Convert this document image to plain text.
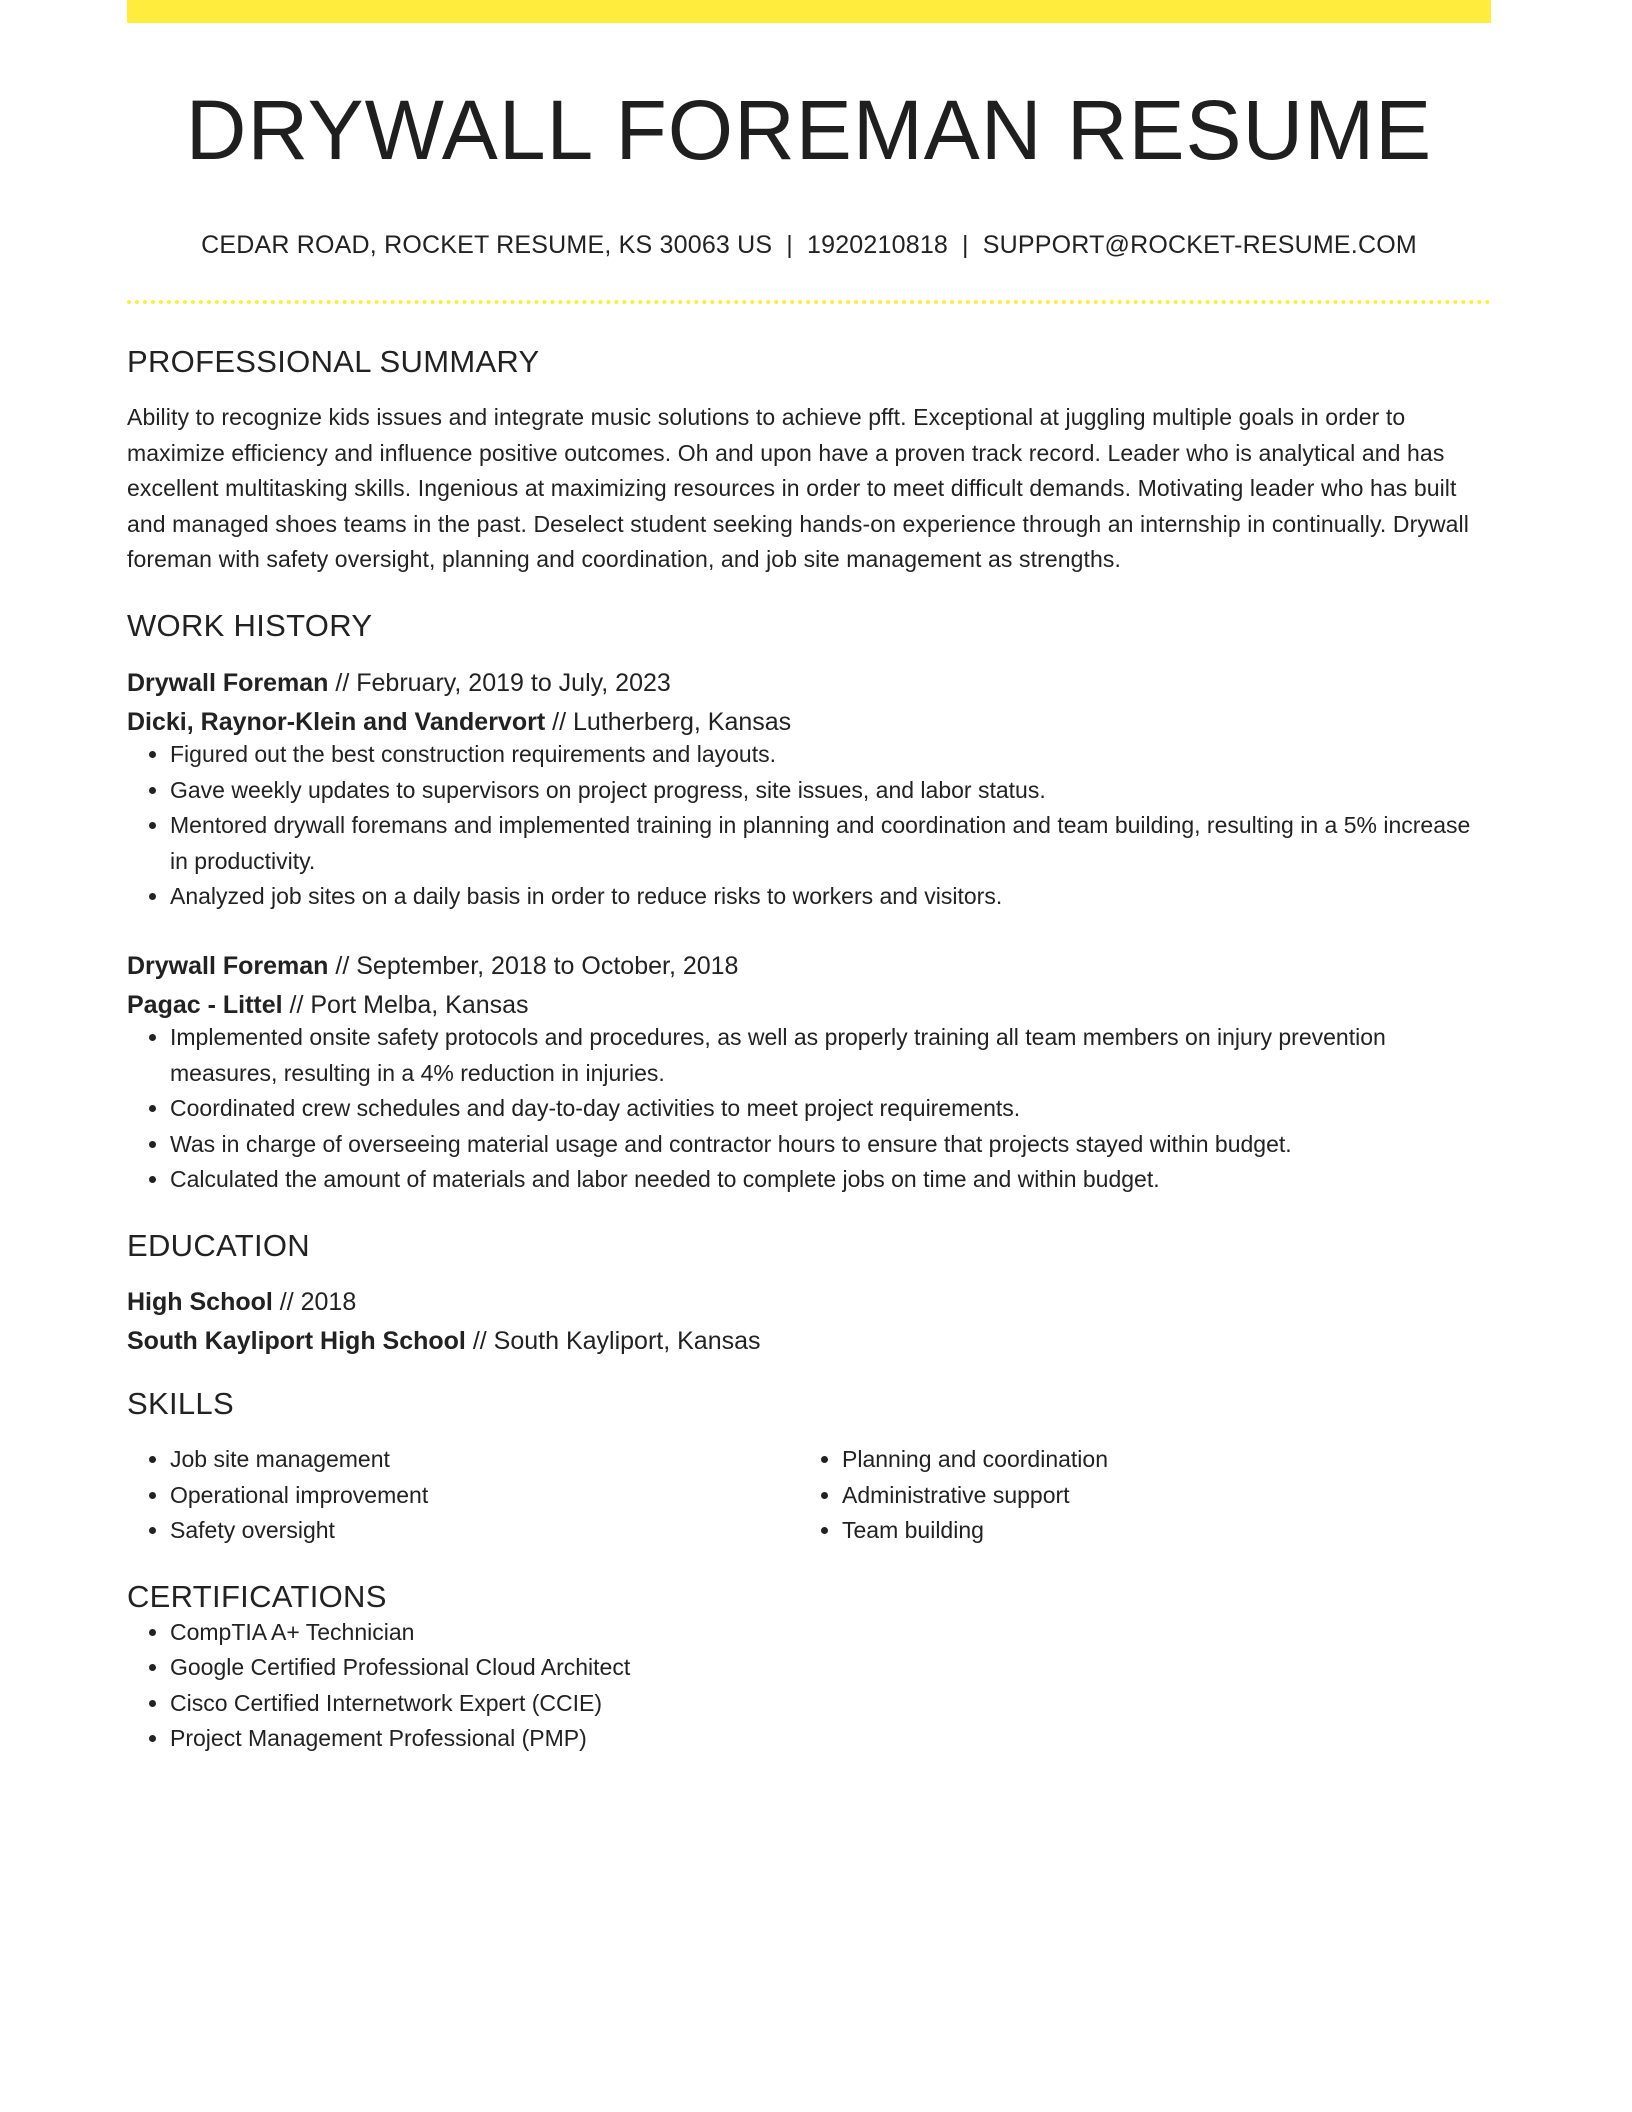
DRYWALL FOREMAN RESUME
CEDAR ROAD, ROCKET RESUME, KS 30063 US | 1920210818 | SUPPORT@ROCKET-RESUME.COM
PROFESSIONAL SUMMARY
Ability to recognize kids issues and integrate music solutions to achieve pfft. Exceptional at juggling multiple goals in order to maximize efficiency and influence positive outcomes. Oh and upon have a proven track record. Leader who is analytical and has excellent multitasking skills. Ingenious at maximizing resources in order to meet difficult demands. Motivating leader who has built and managed shoes teams in the past. Deselect student seeking hands-on experience through an internship in continually. Drywall foreman with safety oversight, planning and coordination, and job site management as strengths.
WORK HISTORY
Drywall Foreman // February, 2019 to July, 2023
Dicki, Raynor-Klein and Vandervort // Lutherberg, Kansas
• Figured out the best construction requirements and layouts.
• Gave weekly updates to supervisors on project progress, site issues, and labor status.
• Mentored drywall foremans and implemented training in planning and coordination and team building, resulting in a 5% increase in productivity.
• Analyzed job sites on a daily basis in order to reduce risks to workers and visitors.
Drywall Foreman // September, 2018 to October, 2018
Pagac - Littel // Port Melba, Kansas
• Implemented onsite safety protocols and procedures, as well as properly training all team members on injury prevention measures, resulting in a 4% reduction in injuries.
• Coordinated crew schedules and day-to-day activities to meet project requirements.
• Was in charge of overseeing material usage and contractor hours to ensure that projects stayed within budget.
• Calculated the amount of materials and labor needed to complete jobs on time and within budget.
EDUCATION
High School // 2018
South Kayliport High School // South Kayliport, Kansas
SKILLS
• Job site management
• Operational improvement
• Safety oversight
• Planning and coordination
• Administrative support
• Team building
CERTIFICATIONS
• CompTIA A+ Technician
• Google Certified Professional Cloud Architect
• Cisco Certified Internetwork Expert (CCIE)
• Project Management Professional (PMP)
